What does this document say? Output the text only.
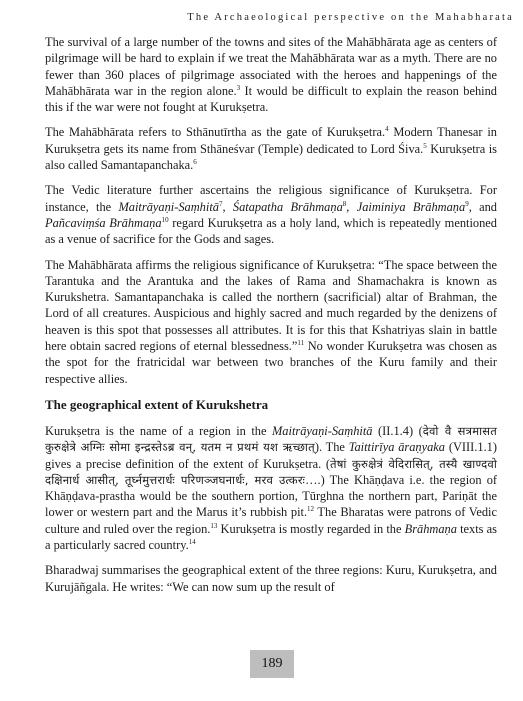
The Archaeological perspective on the Mahabharata

The survival of a large number of the towns and sites of the Mahābhārata age as centers of pilgrimage will be hard to explain if we treat the Mahābhārata war as a myth. There are no fewer than 360 places of pilgrimage associated with the heroes and happenings of the Mahābhārata war in the region alone.$^3$ It would be difficult to explain the reason behind this if the war were not fought at Kurukṣetra.

The Mahābhārata refers to Sthānutīrtha as the gate of Kurukṣetra.$^4$ Modern Thanesar in Kurukṣetra gets its name from Sthāneśvar (Temple) dedicated to Lord Śiva.$^5$ Kurukṣetra is also called Samantapanchaka.$^6$

The Vedic literature further ascertains the religious significance of Kurukṣetra. For instance, the Maitrāyaṇi-Saṃhitā$^7$, Śatapatha Brāhmaṇa$^8$, Jaiminiya Brāhmaṇa$^9$, and Pañcaviṃśa Brāhmaṇa$^{10}$ regard Kurukṣetra as a holy land, which is repeatedly mentioned as a venue of sacrifice for the Gods and sages.

The Mahābhārata affirms the religious significance of Kurukṣetra: “The space between the Tarantuka and the Arantuka and the lakes of Rama and Shamachakra is known as Kurukshetra. Samantapanchaka is called the northern (sacrificial) altar of Brahman, the Lord of all creatures. Auspicious and highly sacred and much regarded by the denizens of heaven is this spot that possesses all attributes. It is for this that Kshatriyas slain in battle here obtain sacred regions of eternal blessedness.”$^{11}$ No wonder Kurukṣetra was chosen as the spot for the fratricidal war between two branches of the Kuru family and their respective allies.

The geographical extent of Kurukshetra

Kurukṣetra is the name of a region in the Maitrāyaṇi-Saṃhitā (II.1.4) (देवो वै सत्रमासत कुरुक्षेत्रे अग्निः सोमा इन्द्रस्तेऽब्र वन्, यतम न प्रथमं यश ऋच्छात्). The Taittirīya āraṇyaka (VIII.1.1) gives a precise definition of the extent of Kurukṣetra. (तेषां कुरुक्षेत्रं वेदिरासित्, तस्यै खाण्दवो दक्षिनार्ध आसीत्, तूर्घ्नमुत्तरार्धः परिणञ्जघनार्धः, मरव उत्करः….) The Khāṇḍava i.e. the region of Khāṇḍava-prastha would be the southern portion, Tūrghna the northern part, Pariṇāt the lower or western part and the Marus it’s rubbish pit.$^{12}$ The Bharatas were patrons of Vedic culture and ruled over the region.$^{13}$ Kurukṣetra is mostly regarded in the Brāhmaṇa texts as a particularly sacred country.$^{14}$

Bharadwaj summarises the geographical extent of the three regions: Kuru, Kurukṣetra, and Kurujāñgala. He writes: “We can now sum up the result of

189
